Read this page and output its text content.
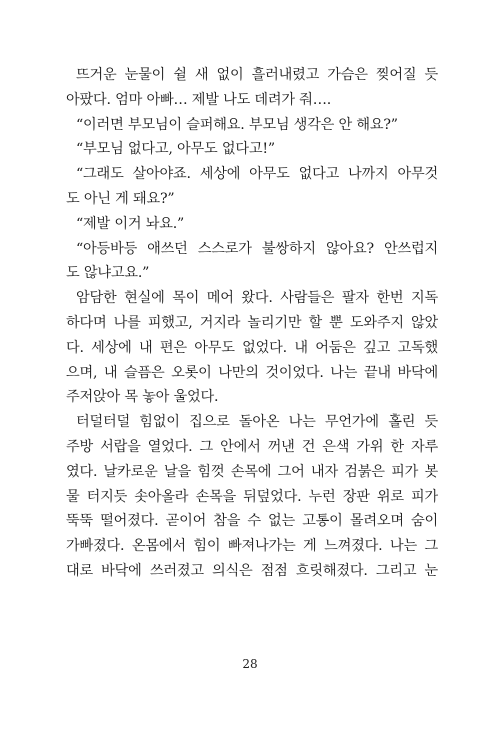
뜨거운 눈물이 쉴 새 없이 흘러내렸고 가슴은 찢어질 듯
아팠다. 엄마 아빠… 제발 나도 데려가 줘….
“이러면 부모님이 슬퍼해요. 부모님 생각은 안 해요?”
“부모님 없다고, 아무도 없다고!”
“그래도 살아야죠. 세상에 아무도 없다고 나까지 아무것
도 아닌 게 돼요?”
“제발 이거 놔요.”
“아등바등 애쓰던 스스로가 불쌍하지 않아요? 안쓰럽지
도 않냐고요.”
암담한 현실에 목이 메어 왔다. 사람들은 팔자 한번 지독
하다며 나를 피했고, 거지라 놀리기만 할 뿐 도와주지 않았
다. 세상에 내 편은 아무도 없었다. 내 어둠은 깊고 고독했
으며, 내 슬픔은 오롯이 나만의 것이었다. 나는 끝내 바닥에
주저앉아 목 놓아 울었다.
터덜터덜 힘없이 집으로 돌아온 나는 무언가에 홀린 듯
주방 서랍을 열었다. 그 안에서 꺼낸 건 은색 가위 한 자루
였다. 날카로운 날을 힘껏 손목에 그어 내자 검붉은 피가 봇
물 터지듯 솟아올라 손목을 뒤덮었다. 누런 장판 위로 피가
뚝뚝 떨어졌다. 곧이어 참을 수 없는 고통이 몰려오며 숨이
가빠졌다. 온몸에서 힘이 빠져나가는 게 느껴졌다. 나는 그
대로 바닥에 쓰러졌고 의식은 점점 흐릿해졌다. 그리고 눈
28
